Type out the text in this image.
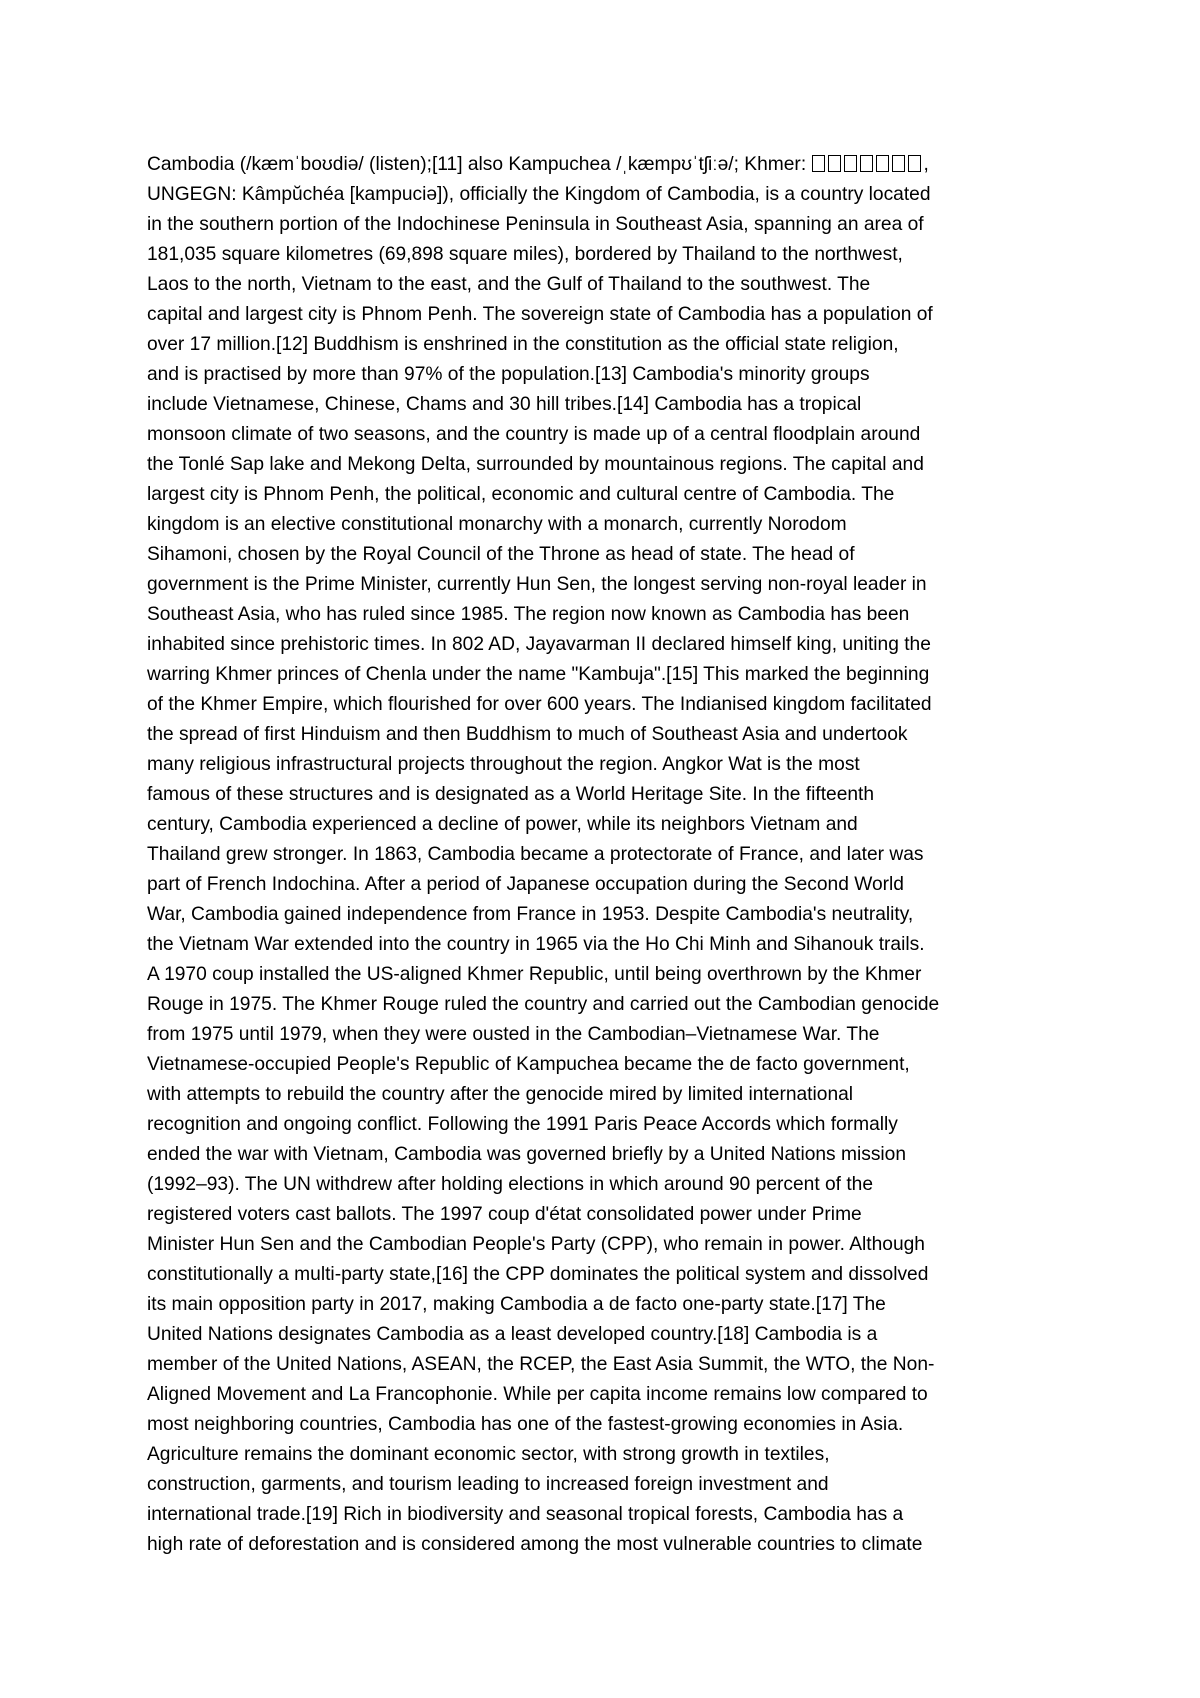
Cambodia (/kæmˈboʊdiə/ (listen);[11] also Kampuchea /ˌkæmpʊˈtʃiːə/; Khmer:	,
UNGEGN: Kâmpŭchéa [kampuciə]), officially the Kingdom of Cambodia, is a country located
in the southern portion of the Indochinese Peninsula in Southeast Asia, spanning an area of
181,035 square kilometres (69,898 square miles), bordered by Thailand to the northwest,
Laos to the north, Vietnam to the east, and the Gulf of Thailand to the southwest. The
capital and largest city is Phnom Penh. The sovereign state of Cambodia has a population of
over 17 million.[12] Buddhism is enshrined in the constitution as the official state religion,
and is practised by more than 97% of the population.[13] Cambodia's minority groups
include Vietnamese, Chinese, Chams and 30 hill tribes.[14] Cambodia has a tropical
monsoon climate of two seasons, and the country is made up of a central floodplain around
the Tonlé Sap lake and Mekong Delta, surrounded by mountainous regions. The capital and
largest city is Phnom Penh, the political, economic and cultural centre of Cambodia. The
kingdom is an elective constitutional monarchy with a monarch, currently Norodom
Sihamoni, chosen by the Royal Council of the Throne as head of state. The head of
government is the Prime Minister, currently Hun Sen, the longest serving non-royal leader in
Southeast Asia, who has ruled since 1985. The region now known as Cambodia has been
inhabited since prehistoric times. In 802 AD, Jayavarman II declared himself king, uniting the
warring Khmer princes of Chenla under the name "Kambuja".[15] This marked the beginning
of the Khmer Empire, which flourished for over 600 years. The Indianised kingdom facilitated
the spread of first Hinduism and then Buddhism to much of Southeast Asia and undertook
many religious infrastructural projects throughout the region. Angkor Wat is the most
famous of these structures and is designated as a World Heritage Site. In the fifteenth
century, Cambodia experienced a decline of power, while its neighbors Vietnam and
Thailand grew stronger. In 1863, Cambodia became a protectorate of France, and later was
part of French Indochina. After a period of Japanese occupation during the Second World
War, Cambodia gained independence from France in 1953. Despite Cambodia's neutrality,
the Vietnam War extended into the country in 1965 via the Ho Chi Minh and Sihanouk trails.
A 1970 coup installed the US-aligned Khmer Republic, until being overthrown by the Khmer
Rouge in 1975. The Khmer Rouge ruled the country and carried out the Cambodian genocide
from 1975 until 1979, when they were ousted in the Cambodian–Vietnamese War. The
Vietnamese-occupied People's Republic of Kampuchea became the de facto government,
with attempts to rebuild the country after the genocide mired by limited international
recognition and ongoing conflict. Following the 1991 Paris Peace Accords which formally
ended the war with Vietnam, Cambodia was governed briefly by a United Nations mission
(1992–93). The UN withdrew after holding elections in which around 90 percent of the
registered voters cast ballots. The 1997 coup d'état consolidated power under Prime
Minister Hun Sen and the Cambodian People's Party (CPP), who remain in power. Although
constitutionally a multi-party state,[16] the CPP dominates the political system and dissolved
its main opposition party in 2017, making Cambodia a de facto one-party state.[17] The
United Nations designates Cambodia as a least developed country.[18] Cambodia is a
member of the United Nations, ASEAN, the RCEP, the East Asia Summit, the WTO, the Non-
Aligned Movement and La Francophonie. While per capita income remains low compared to
most neighboring countries, Cambodia has one of the fastest-growing economies in Asia.
Agriculture remains the dominant economic sector, with strong growth in textiles,
construction, garments, and tourism leading to increased foreign investment and
international trade.[19] Rich in biodiversity and seasonal tropical forests, Cambodia has a
high rate of deforestation and is considered among the most vulnerable countries to climate
